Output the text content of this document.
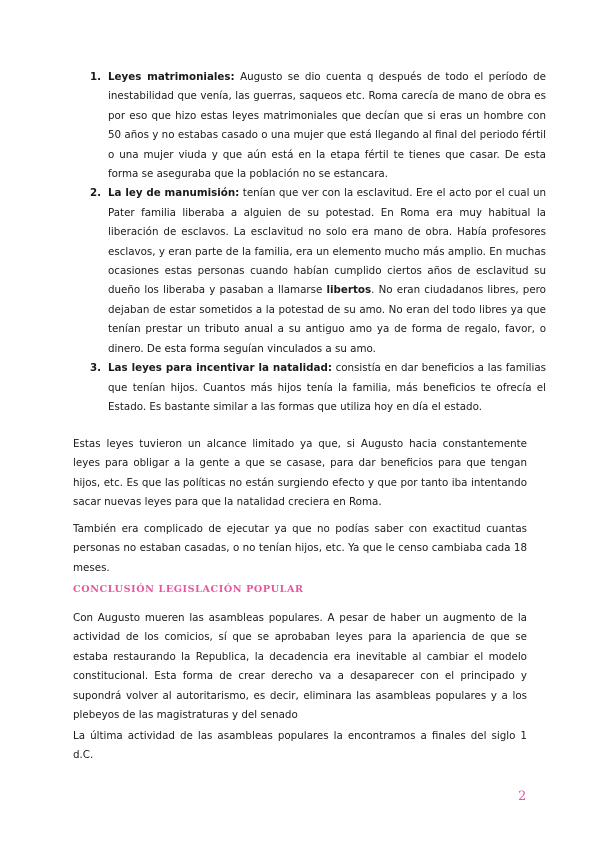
1. Leyes matrimoniales: Augusto se dio cuenta q después de todo el período de inestabilidad que venía, las guerras, saqueos etc. Roma carecía de mano de obra es por eso que hizo estas leyes matrimoniales que decían que si eras un hombre con 50 años y no estabas casado o una mujer que está llegando al final del periodo fértil o una mujer viuda y que aún está en la etapa fértil te tienes que casar. De esta forma se aseguraba que la población no se estancara.
2. La ley de manumisión: tenían que ver con la esclavitud. Ere el acto por el cual un Pater familia liberaba a alguien de su potestad. En Roma era muy habitual la liberación de esclavos. La esclavitud no solo era mano de obra. Había profesores esclavos, y eran parte de la familia, era un elemento mucho más amplio. En muchas ocasiones estas personas cuando habían cumplido ciertos años de esclavitud su dueño los liberaba y pasaban a llamarse libertos. No eran ciudadanos libres, pero dejaban de estar sometidos a la potestad de su amo. No eran del todo libres ya que tenían prestar un tributo anual a su antiguo amo ya de forma de regalo, favor, o dinero. De esta forma seguían vinculados a su amo.
3. Las leyes para incentivar la natalidad: consistía en dar beneficios a las familias que tenían hijos. Cuantos más hijos tenía la familia, más beneficios te ofrecía el Estado. Es bastante similar a las formas que utiliza hoy en día el estado.

Estas leyes tuvieron un alcance limitado ya que, si Augusto hacia constantemente leyes para obligar a la gente a que se casase, para dar beneficios para que tengan hijos, etc. Es que las políticas no están surgiendo efecto y que por tanto iba intentando sacar nuevas leyes para que la natalidad creciera en Roma.

También era complicado de ejecutar ya que no podías saber con exactitud cuantas personas no estaban casadas, o no tenían hijos, etc. Ya que le censo cambiaba cada 18 meses.

CONCLUSIÓN LEGISLACIÓN POPULAR

Con Augusto mueren las asambleas populares. A pesar de haber un augmento de la actividad de los comicios, sí que se aprobaban leyes para la apariencia de que se estaba restaurando la Republica, la decadencia era inevitable al cambiar el modelo constitucional. Esta forma de crear derecho va a desaparecer con el principado y supondrá volver al autoritarismo, es decir, eliminara las asambleas populares y a los plebeyos de las magistraturas y del senado

La última actividad de las asambleas populares la encontramos a finales del siglo 1 d.C.

2
